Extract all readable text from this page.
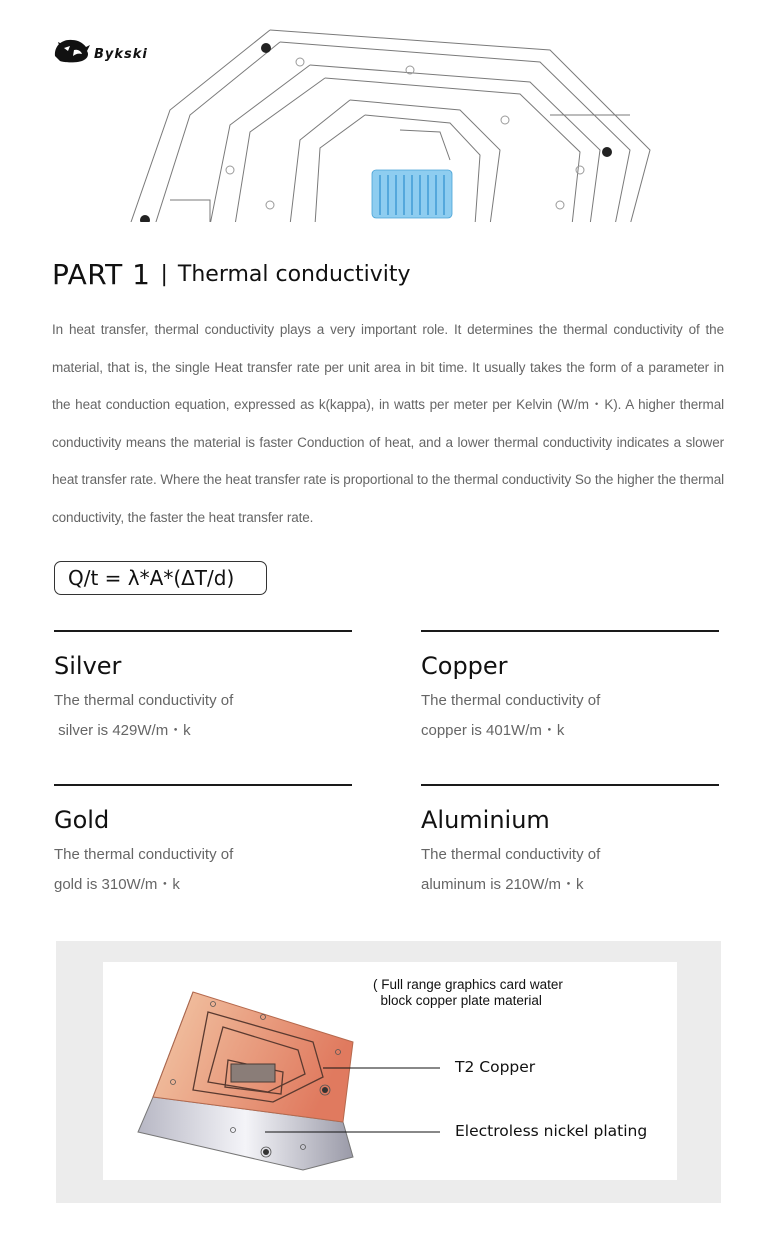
Bykski
PART 1 | Thermal conductivity
In heat transfer, thermal conductivity plays a very important role. It determines the thermal conductivity of the material, that is, the single Heat transfer rate per unit area in bit time. It usually takes the form of a parameter in the heat conduction equation, expressed as k(kappa), in watts per meter per Kelvin (W/m・K). A higher thermal conductivity means the material is faster Conduction of heat, and a lower thermal conductivity indicates a slower heat transfer rate. Where the heat transfer rate is proportional to the thermal conductivity So the higher the thermal conductivity, the faster the heat transfer rate.
Q/t = λ*A*(ΔT/d)
Silver
The thermal conductivity of
silver is 429W/m・k
Copper
The thermal conductivity of
copper is 401W/m・k
Gold
The thermal conductivity of
gold is 310W/m・k
Aluminium
The thermal conductivity of
aluminum is 210W/m・k
( Full range graphics card water
block copper plate material
T2 Copper
Electroless nickel plating
